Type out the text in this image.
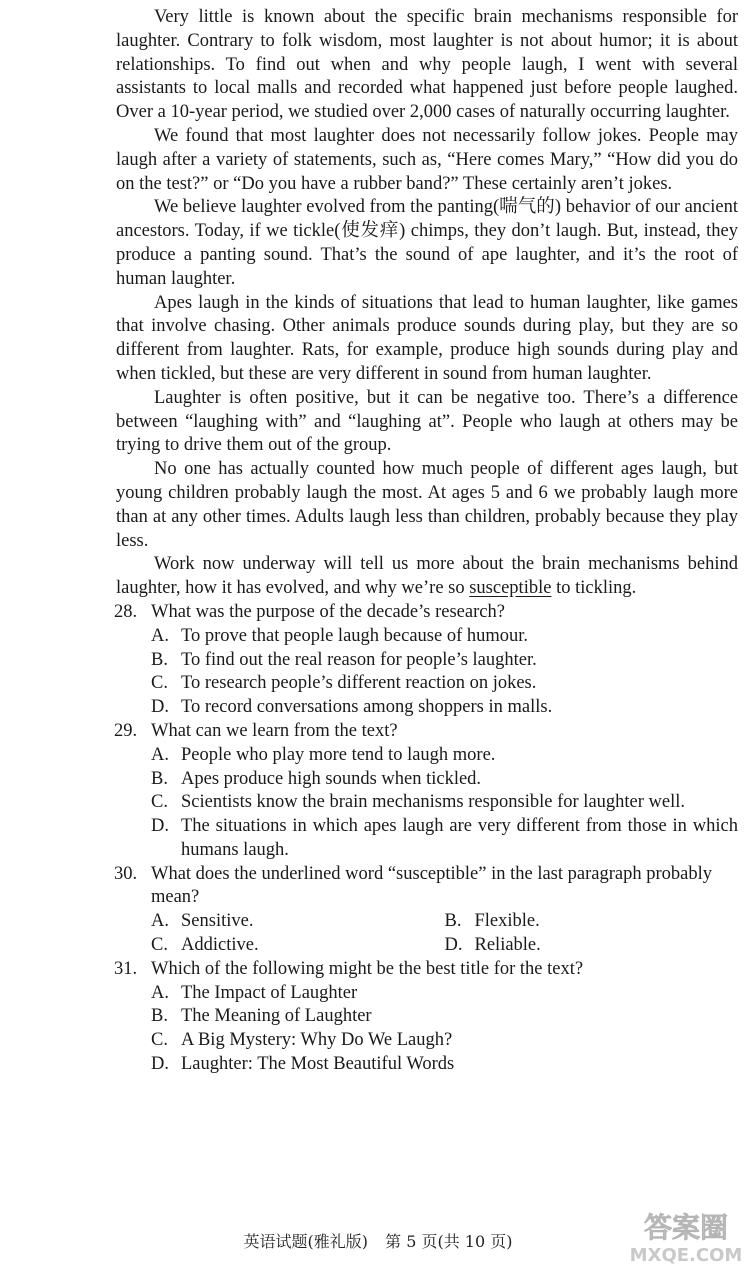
Very little is known about the specific brain mechanisms responsible for laughter. Contrary to folk wisdom, most laughter is not about humor; it is about relationships. To find out when and why people laugh, I went with several assistants to local malls and recorded what happened just before people laughed. Over a 10-year period, we studied over 2,000 cases of naturally occurring laughter.

We found that most laughter does not necessarily follow jokes. People may laugh after a variety of statements, such as, “Here comes Mary,” “How did you do on the test?” or “Do you have a rubber band?” These certainly aren’t jokes.

We believe laughter evolved from the panting(喘气的) behavior of our ancient ancestors. Today, if we tickle(使发痒) chimps, they don’t laugh. But, instead, they produce a panting sound. That’s the sound of ape laughter, and it’s the root of human laughter.

Apes laugh in the kinds of situations that lead to human laughter, like games that involve chasing. Other animals produce sounds during play, but they are so different from laughter. Rats, for example, produce high sounds during play and when tickled, but these are very different in sound from human laughter.

Laughter is often positive, but it can be negative too. There’s a difference between “laughing with” and “laughing at”. People who laugh at others may be trying to drive them out of the group.

No one has actually counted how much people of different ages laugh, but young children probably laugh the most. At ages 5 and 6 we probably laugh more than at any other times. Adults laugh less than children, probably because they play less.

Work now underway will tell us more about the brain mechanisms behind laughter, how it has evolved, and why we’re so susceptible to tickling.

28. What was the purpose of the decade’s research?
A. To prove that people laugh because of humour.
B. To find out the real reason for people’s laughter.
C. To research people’s different reaction on jokes.
D. To record conversations among shoppers in malls.
29. What can we learn from the text?
A. People who play more tend to laugh more.
B. Apes produce high sounds when tickled.
C. Scientists know the brain mechanisms responsible for laughter well.
D. The situations in which apes laugh are very different from those in which humans laugh.
30. What does the underlined word “susceptible” in the last paragraph probably mean?
A. Sensitive.	B. Flexible.
C. Addictive.	D. Reliable.
31. Which of the following might be the best title for the text?
A. The Impact of Laughter
B. The Meaning of Laughter
C. A Big Mystery: Why Do We Laugh?
D. Laughter: The Most Beautiful Words
英语试题(雅礼版) 第 5 页(共 10 页)	答案圈
MXQE.COM
